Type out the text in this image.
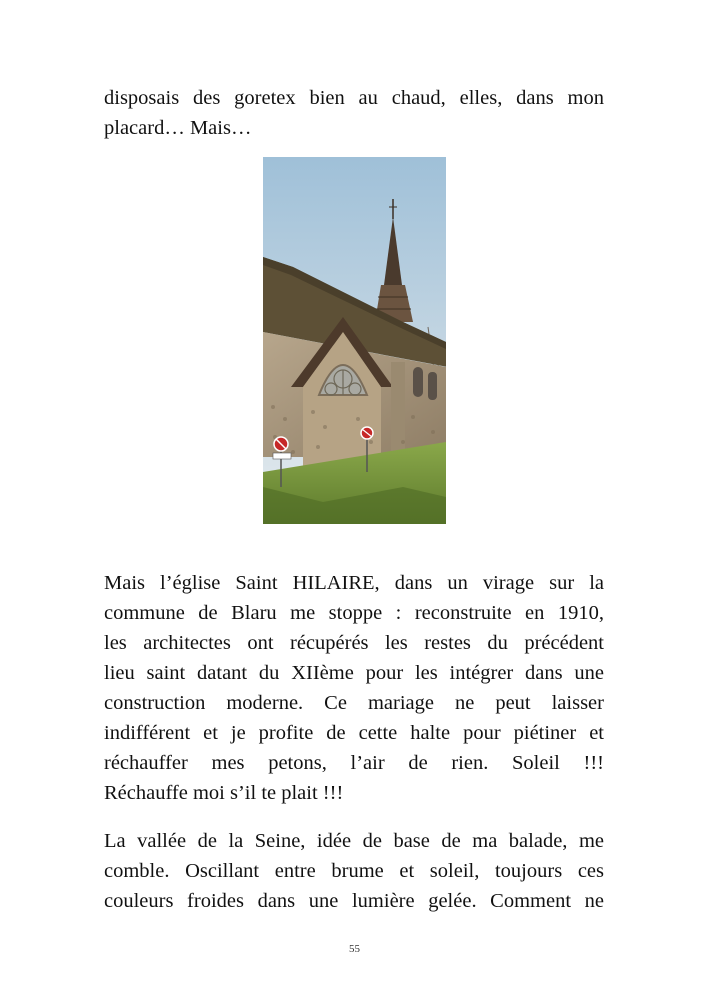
disposais des goretex bien au chaud, elles, dans mon
placard… Mais…

Mais l’église Saint HILAIRE, dans un virage sur la
commune de Blaru me stoppe : reconstruite en 1910,
les architectes ont récupérés les restes du précédent
lieu saint datant du XIIème pour les intégrer dans une
construction moderne. Ce mariage ne peut laisser
indifférent et je profite de cette halte pour piétiner et
réchauffer mes petons, l’air de rien. Soleil !!!
Réchauffe moi s’il te plait !!!

La vallée de la Seine, idée de base de ma balade, me
comble. Oscillant entre brume et soleil, toujours ces
couleurs froides dans une lumière gelée. Comment ne

55
